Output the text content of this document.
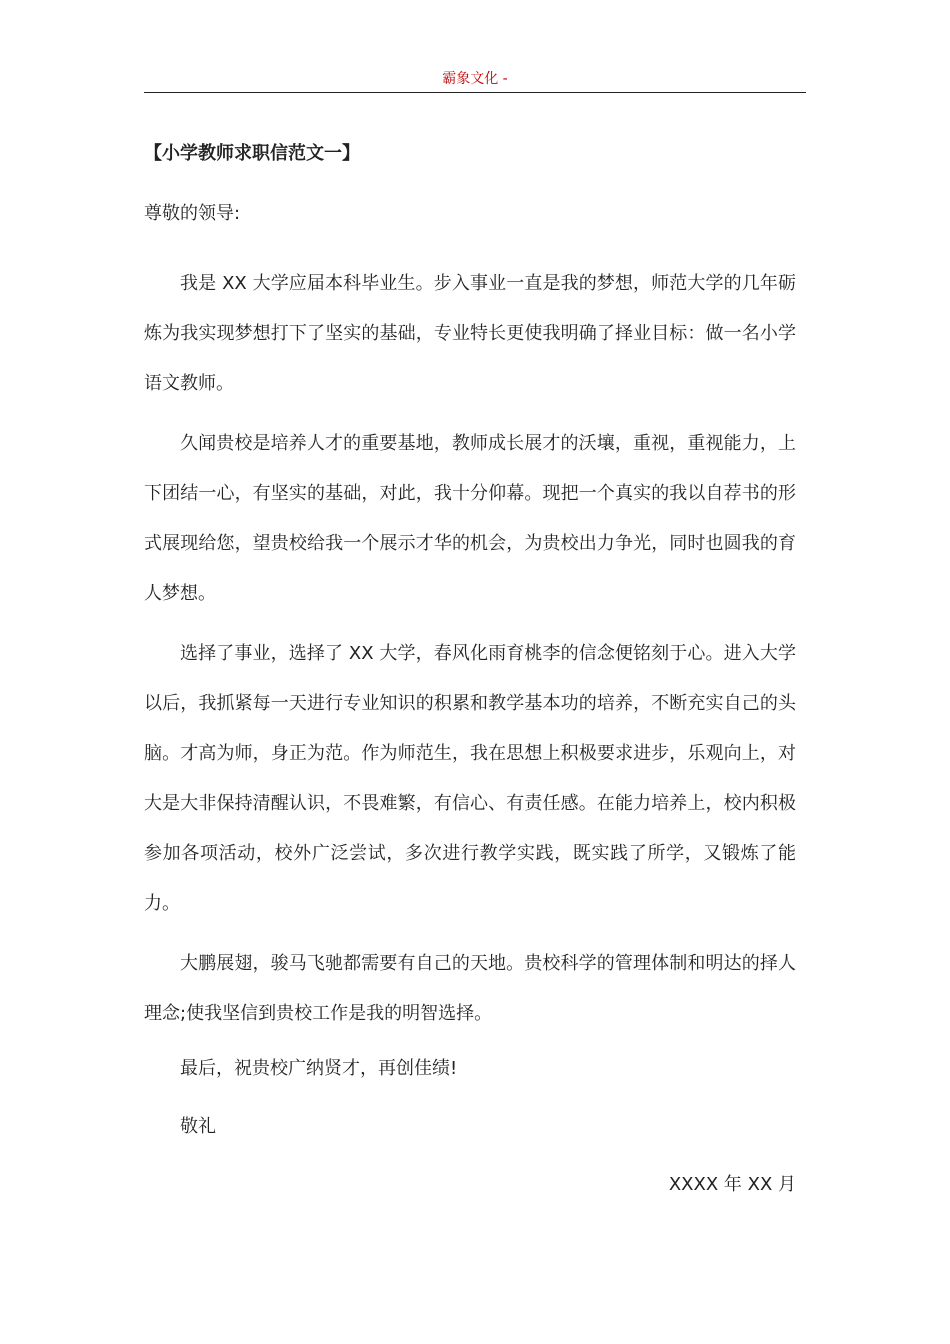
霸象文化 -
【小学教师求职信范文一】
尊敬的领导:

我是 XX 大学应届本科毕业生。步入事业一直是我的梦想，师范大学的几年砺炼为我实现梦想打下了坚实的基础，专业特长更使我明确了择业目标：做一名小学语文教师。

久闻贵校是培养人才的重要基地，教师成长展才的沃壤，重视，重视能力，上下团结一心，有坚实的基础，对此，我十分仰幕。现把一个真实的我以自荐书的形式展现给您，望贵校给我一个展示才华的机会，为贵校出力争光，同时也圆我的育人梦想。

选择了事业，选择了 XX 大学，春风化雨育桃李的信念便铭刻于心。进入大学以后，我抓紧每一天进行专业知识的积累和教学基本功的培养，不断充实自己的头脑。才高为师，身正为范。作为师范生，我在思想上积极要求进步，乐观向上，对大是大非保持清醒认识，不畏难繁，有信心、有责任感。在能力培养上，校内积极参加各项活动，校外广泛尝试，多次进行教学实践，既实践了所学，又锻炼了能力。

大鹏展翅，骏马飞驰都需要有自己的天地。贵校科学的管理体制和明达的择人理念;使我坚信到贵校工作是我的明智选择。

最后，祝贵校广纳贤才，再创佳绩!
敬礼
XXXX 年 XX 月
